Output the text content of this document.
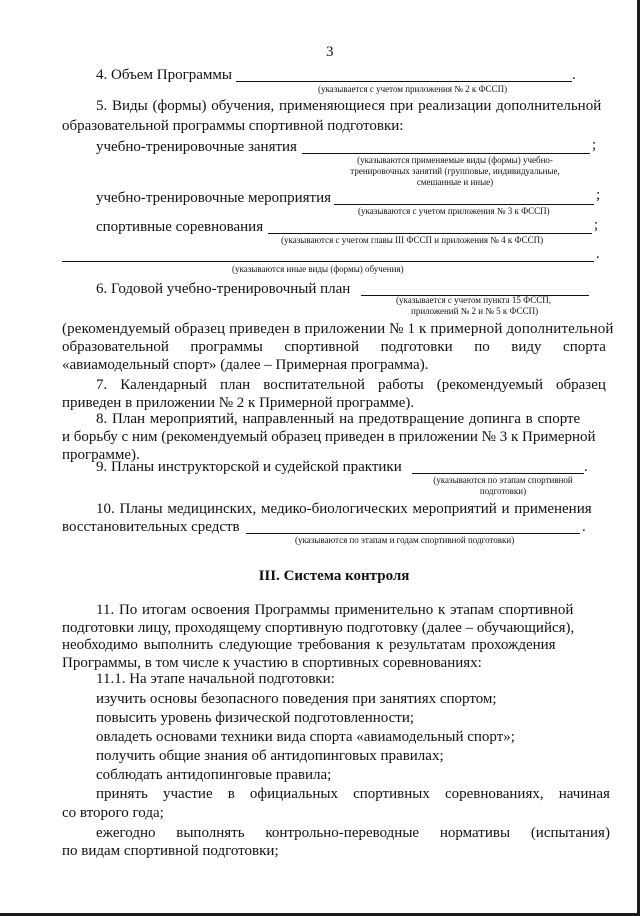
3
4. Объем Программы	.
(указывается с учетом приложения № 2 к ФССП)
5. Виды (формы) обучения, применяющиеся при реализации дополнительной
образовательной программы спортивной подготовки:
учебно-тренировочные занятия	;
(указываются применяемые виды (формы) учебно-
тренировочных занятий (групповые, индивидуальные,
смешанные и иные)
учебно-тренировочные мероприятия	;
(указываются с учетом приложения № 3 к ФССП)
спортивные соревнования	;
(указываются с учетом главы III ФССП и приложения № 4 к ФССП)
.
(указываются иные виды (формы) обучения)
6. Годовой учебно-тренировочный план
(указывается с учетом пункта 15 ФССП,
приложений № 2 и № 5 к ФССП)
(рекомендуемый образец приведен в приложении № 1 к примерной дополнительной
образовательной программы спортивной подготовки по виду спорта
«авиамодельный спорт» (далее – Примерная программа).
7. Календарный план воспитательной работы (рекомендуемый образец
приведен в приложении № 2 к Примерной программе).
8. План мероприятий, направленный на предотвращение допинга в спорте
и борьбу с ним (рекомендуемый образец приведен в приложении № 3 к Примерной
программе).
9. Планы инструкторской и судейской практики	.
(указываются по этапам спортивной
подготовки)
10. Планы медицинских, медико-биологических мероприятий и применения
восстановительных средств	.
(указываются по этапам и годам спортивной подготовки)
III. Система контроля
11. По итогам освоения Программы применительно к этапам спортивной
подготовки лицу, проходящему спортивную подготовку (далее – обучающийся),
необходимо выполнить следующие требования к результатам прохождения
Программы, в том числе к участию в спортивных соревнованиях:
11.1. На этапе начальной подготовки:
изучить основы безопасного поведения при занятиях спортом;
повысить уровень физической подготовленности;
овладеть основами техники вида спорта «авиамодельный спорт»;
получить общие знания об антидопинговых правилах;
соблюдать антидопинговые правила;
принять участие в официальных спортивных соревнованиях, начиная
со второго года;
ежегодно выполнять контрольно-переводные нормативы (испытания)
по видам спортивной подготовки;
